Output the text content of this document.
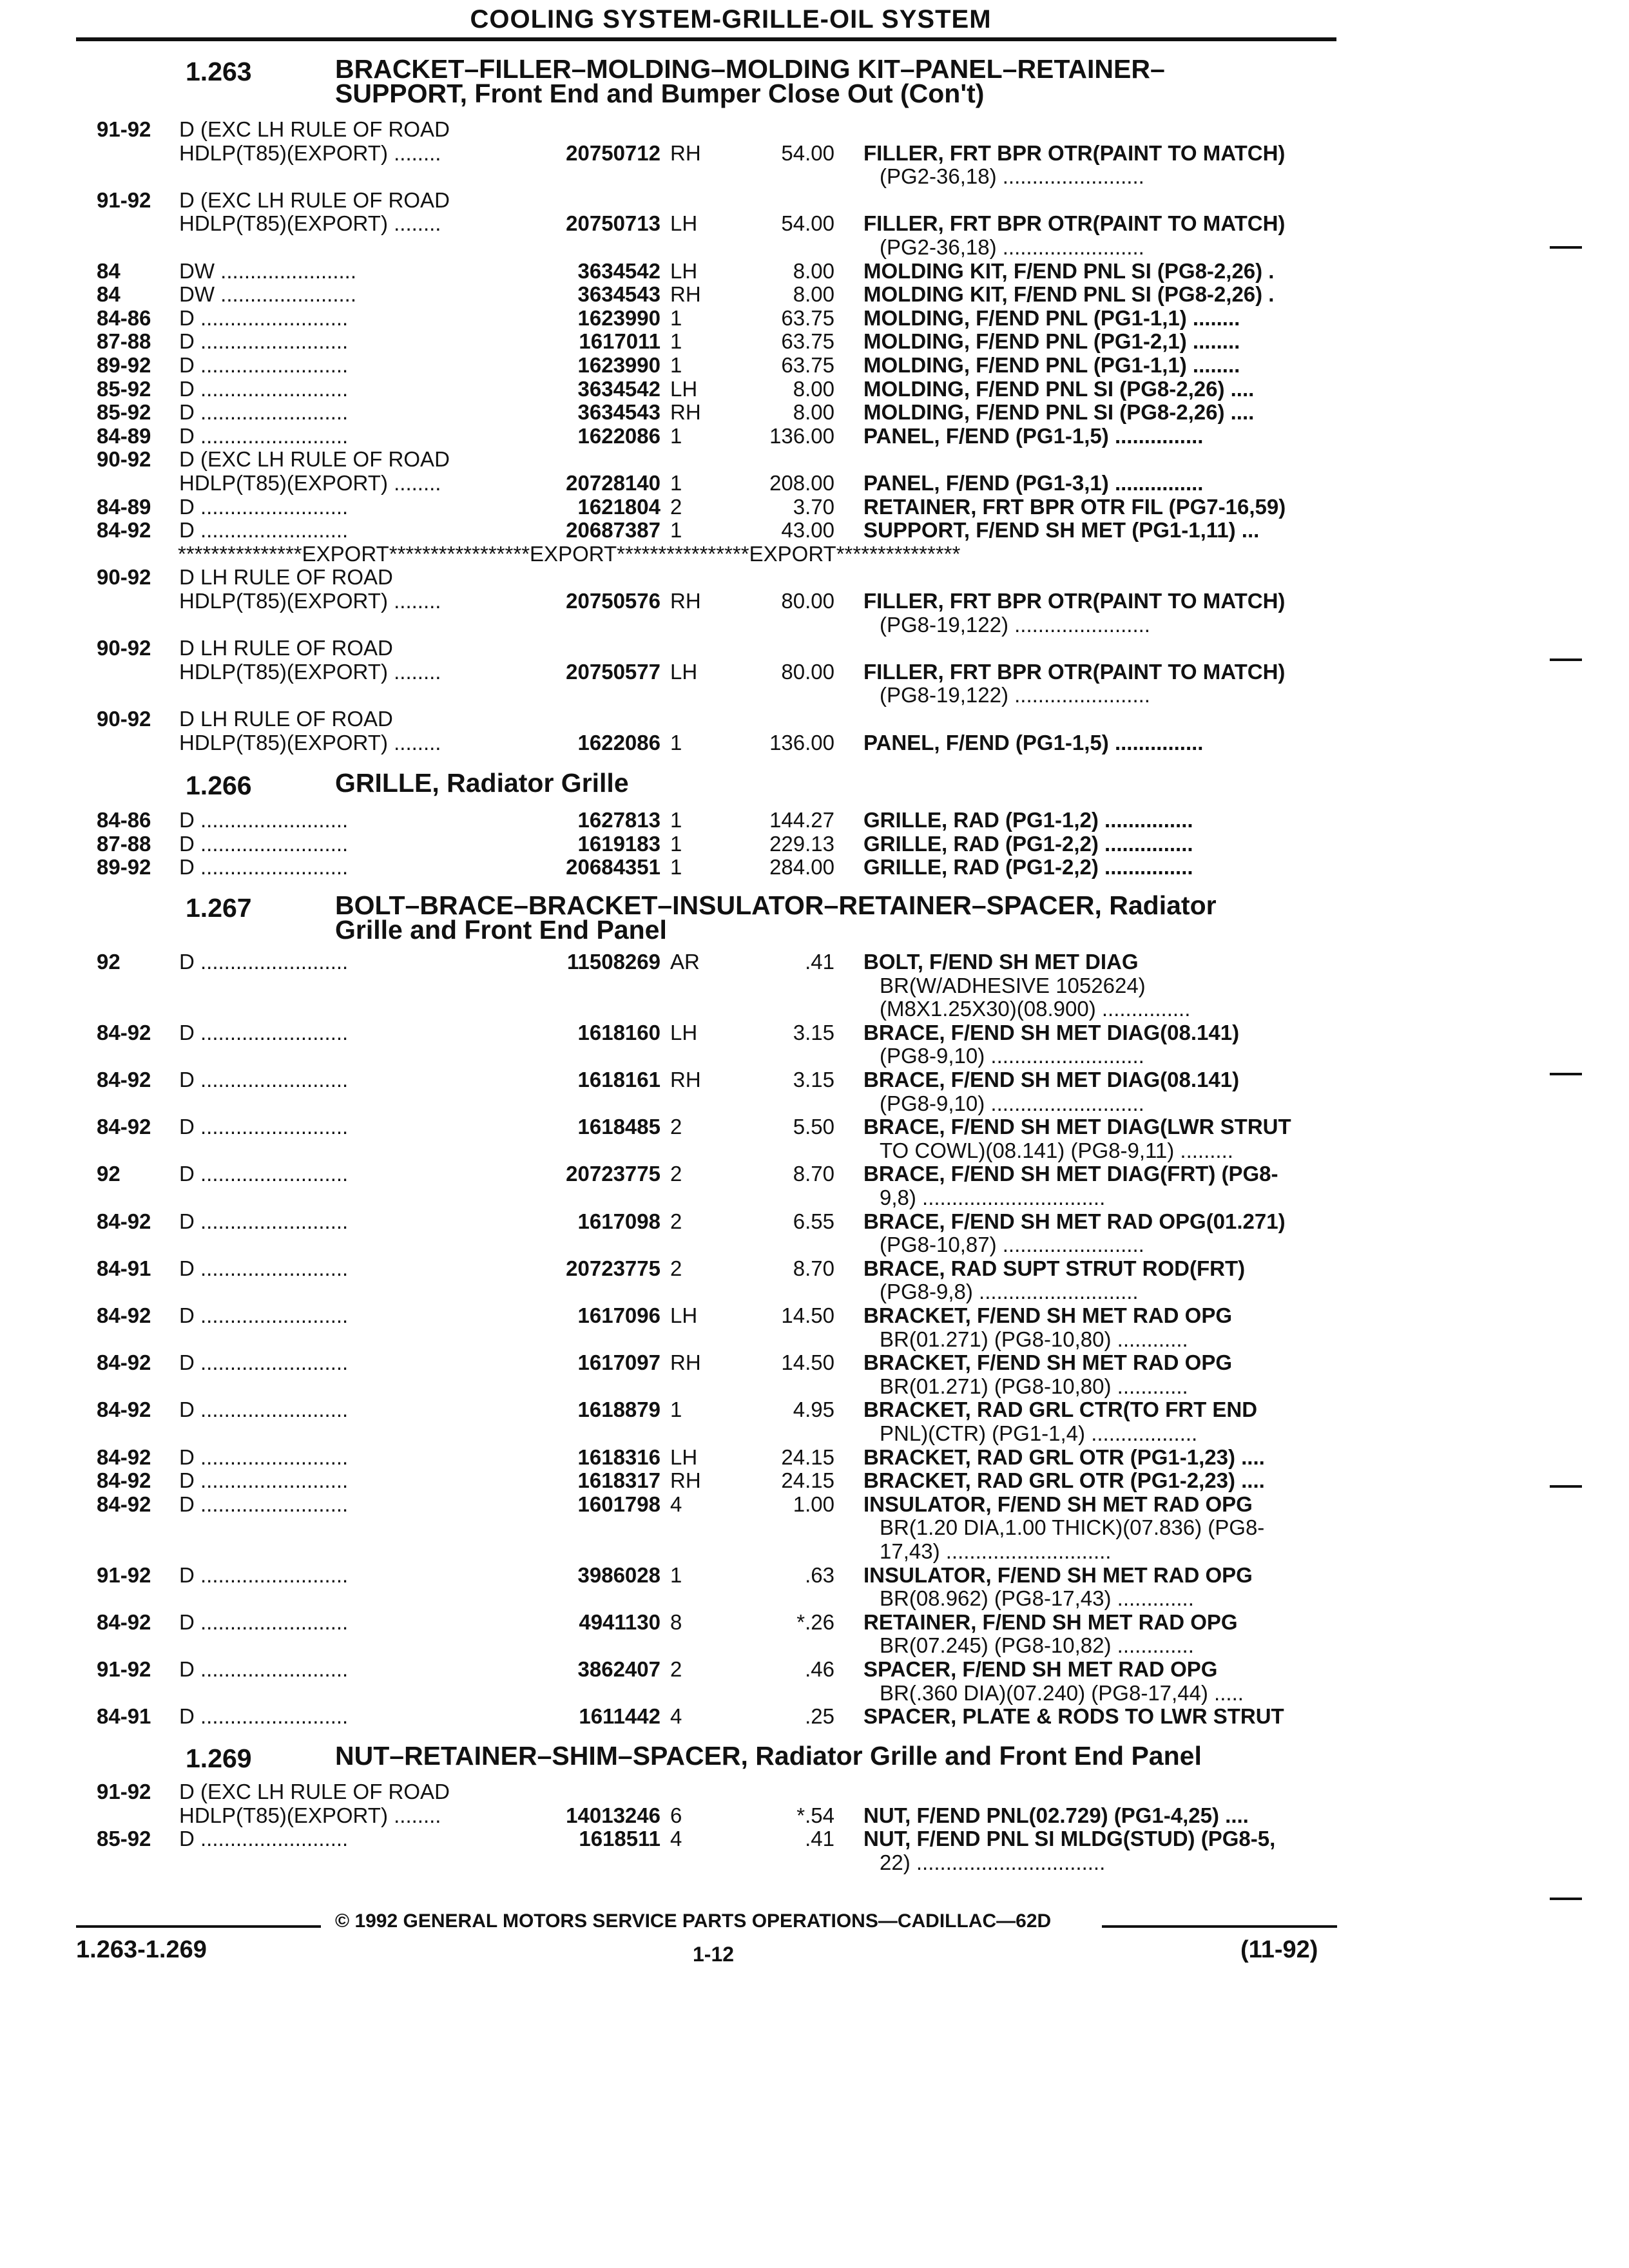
COOLING SYSTEM-GRILLE-OIL SYSTEM
1.263	BRACKET–FILLER–MOLDING–MOLDING KIT–PANEL–RETAINER–
SUPPORT, Front End and Bumper Close Out (Con't)
91-92 D (EXC LH RULE OF ROAD
HDLP(T85)(EXPORT) ........	20750712 RH	54.00 FILLER, FRT BPR OTR(PAINT TO MATCH)
(PG2-36,18) ........................
91-92 D (EXC LH RULE OF ROAD
HDLP(T85)(EXPORT) ........	20750713 LH	54.00 FILLER, FRT BPR OTR(PAINT TO MATCH)
(PG2-36,18) ........................
84	DW .......................	3634542 LH	8.00 MOLDING KIT, F/END PNL SI (PG8-2,26) .
84	DW .......................	3634543 RH	8.00 MOLDING KIT, F/END PNL SI (PG8-2,26) .
84-86 D .........................	1623990 1	63.75 MOLDING, F/END PNL (PG1-1,1) ........
87-88 D .........................	1617011 1	63.75 MOLDING, F/END PNL (PG1-2,1) ........
89-92 D .........................	1623990 1	63.75 MOLDING, F/END PNL (PG1-1,1) ........
85-92 D .........................	3634542 LH	8.00 MOLDING, F/END PNL SI (PG8-2,26) ....
85-92 D .........................	3634543 RH	8.00 MOLDING, F/END PNL SI (PG8-2,26) ....
84-89 D .........................	1622086 1	136.00 PANEL, F/END (PG1-1,5) ...............
90-92 D (EXC LH RULE OF ROAD
HDLP(T85)(EXPORT) ........	20728140 1	208.00 PANEL, F/END (PG1-3,1) ...............
84-89 D .........................	1621804 2	3.70 RETAINER, FRT BPR OTR FIL (PG7-16,59)
84-92 D .........................	20687387 1	43.00 SUPPORT, F/END SH MET (PG1-1,11) ...
***************EXPORT*****************EXPORT****************EXPORT***************
90-92 D LH RULE OF ROAD
HDLP(T85)(EXPORT) ........	20750576 RH	80.00 FILLER, FRT BPR OTR(PAINT TO MATCH)
(PG8-19,122) .......................
90-92 D LH RULE OF ROAD
HDLP(T85)(EXPORT) ........	20750577 LH	80.00 FILLER, FRT BPR OTR(PAINT TO MATCH)
(PG8-19,122) .......................
90-92 D LH RULE OF ROAD
HDLP(T85)(EXPORT) ........	1622086 1	136.00 PANEL, F/END (PG1-1,5) ...............
1.266	GRILLE, Radiator Grille
84-86 D .........................	1627813 1	144.27 GRILLE, RAD (PG1-1,2) ...............
87-88 D .........................	1619183 1	229.13 GRILLE, RAD (PG1-2,2) ...............
89-92 D .........................	20684351 1	284.00 GRILLE, RAD (PG1-2,2) ...............
1.267	BOLT–BRACE–BRACKET–INSULATOR–RETAINER–SPACER, Radiator
Grille and Front End Panel
92	D .........................	11508269 AR	.41 BOLT, F/END SH MET DIAG
BR(W/ADHESIVE 1052624)
(M8X1.25X30)(08.900) ...............
84-92 D .........................	1618160 LH	3.15 BRACE, F/END SH MET DIAG(08.141)
(PG8-9,10) ..........................
84-92 D .........................	1618161 RH	3.15 BRACE, F/END SH MET DIAG(08.141)
(PG8-9,10) ..........................
84-92 D .........................	1618485 2	5.50 BRACE, F/END SH MET DIAG(LWR STRUT
TO COWL)(08.141) (PG8-9,11) .........
92	D .........................	20723775 2	8.70 BRACE, F/END SH MET DIAG(FRT) (PG8-
9,8) ...............................
84-92 D .........................	1617098 2	6.55 BRACE, F/END SH MET RAD OPG(01.271)
(PG8-10,87) ........................
84-91 D .........................	20723775 2	8.70 BRACE, RAD SUPT STRUT ROD(FRT)
(PG8-9,8) ...........................
84-92 D .........................	1617096 LH	14.50 BRACKET, F/END SH MET RAD OPG
BR(01.271) (PG8-10,80) ............
84-92 D .........................	1617097 RH	14.50 BRACKET, F/END SH MET RAD OPG
BR(01.271) (PG8-10,80) ............
84-92 D .........................	1618879 1	4.95 BRACKET, RAD GRL CTR(TO FRT END
PNL)(CTR) (PG1-1,4) ..................
84-92 D .........................	1618316 LH	24.15 BRACKET, RAD GRL OTR (PG1-1,23) ....
84-92 D .........................	1618317 RH	24.15 BRACKET, RAD GRL OTR (PG1-2,23) ....
84-92 D .........................	1601798 4	1.00 INSULATOR, F/END SH MET RAD OPG
BR(1.20 DIA,1.00 THICK)(07.836) (PG8-
17,43) ............................
91-92 D .........................	3986028 1	.63 INSULATOR, F/END SH MET RAD OPG
BR(08.962) (PG8-17,43) .............
84-92 D .........................	4941130 8	*.26 RETAINER, F/END SH MET RAD OPG
BR(07.245) (PG8-10,82) .............
91-92 D .........................	3862407 2	.46 SPACER, F/END SH MET RAD OPG
BR(.360 DIA)(07.240) (PG8-17,44) .....
84-91 D .........................	1611442 4	.25 SPACER, PLATE & RODS TO LWR STRUT
1.269	NUT–RETAINER–SHIM–SPACER, Radiator Grille and Front End Panel
91-92 D (EXC LH RULE OF ROAD
HDLP(T85)(EXPORT) ........	14013246 6	*.54 NUT, F/END PNL(02.729) (PG1-4,25) ....
85-92 D .........................	1618511 4	.41 NUT, F/END PNL SI MLDG(STUD) (PG8-5,
22) ................................
© 1992 GENERAL MOTORS SERVICE PARTS OPERATIONS—CADILLAC—62D
1.263-1.269	1-12	(11-92)
